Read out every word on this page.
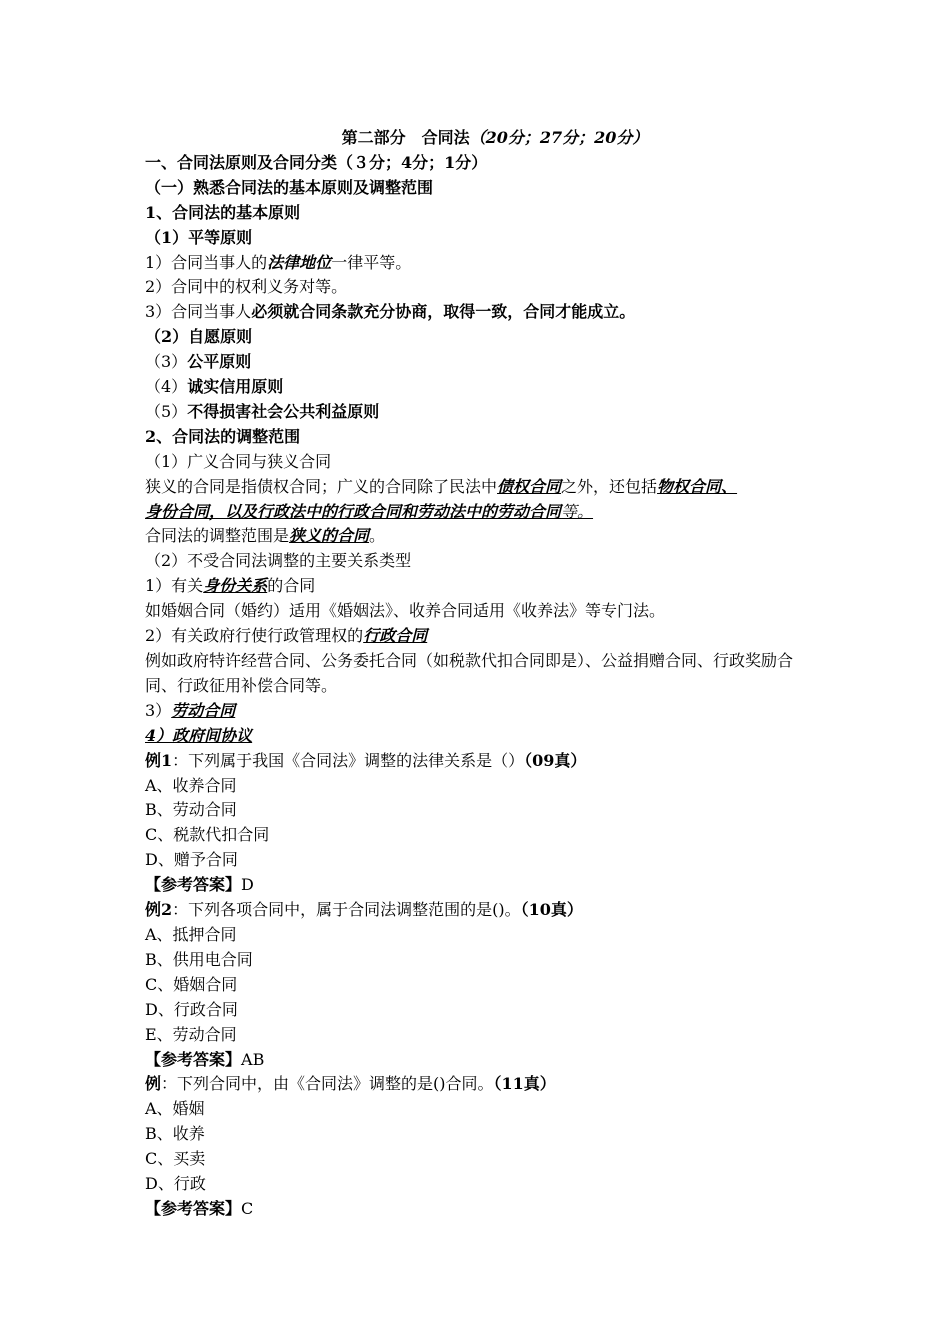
第二部分　合同法（20分；27分；20分）
一、合同法原则及合同分类（３分；4分；1分）
（一）熟悉合同法的基本原则及调整范围
1、合同法的基本原则
（1）平等原则
1）合同当事人的法律地位一律平等。
2）合同中的权利义务对等。
3）合同当事人必须就合同条款充分协商，取得一致，合同才能成立。
（2）自愿原则
（3）公平原则
（4）诚实信用原则
（5）不得损害社会公共利益原则
2、合同法的调整范围
（1）广义合同与狭义合同
狭义的合同是指债权合同；广义的合同除了民法中债权合同之外，还包括物权合同、
身份合同，以及行政法中的行政合同和劳动法中的劳动合同等。
合同法的调整范围是狭义的合同。
（2）不受合同法调整的主要关系类型
1）有关身份关系的合同
如婚姻合同（婚约）适用《婚姻法》、收养合同适用《收养法》等专门法。
2）有关政府行使行政管理权的行政合同
例如政府特许经营合同、公务委托合同（如税款代扣合同即是）、公益捐赠合同、行政奖励合同、行政征用补偿合同等。
3）劳动合同
4）政府间协议
例1：下列属于我国《合同法》调整的法律关系是（）（09真）
A、收养合同
B、劳动合同
C、税款代扣合同
D、赠予合同
【参考答案】D
例2：下列各项合同中，属于合同法调整范围的是()。（10真）
A、抵押合同
B、供用电合同
C、婚姻合同
D、行政合同
E、劳动合同
【参考答案】AB
例：下列合同中，由《合同法》调整的是()合同。（11真）
A、婚姻
B、收养
C、买卖
D、行政
【参考答案】C
